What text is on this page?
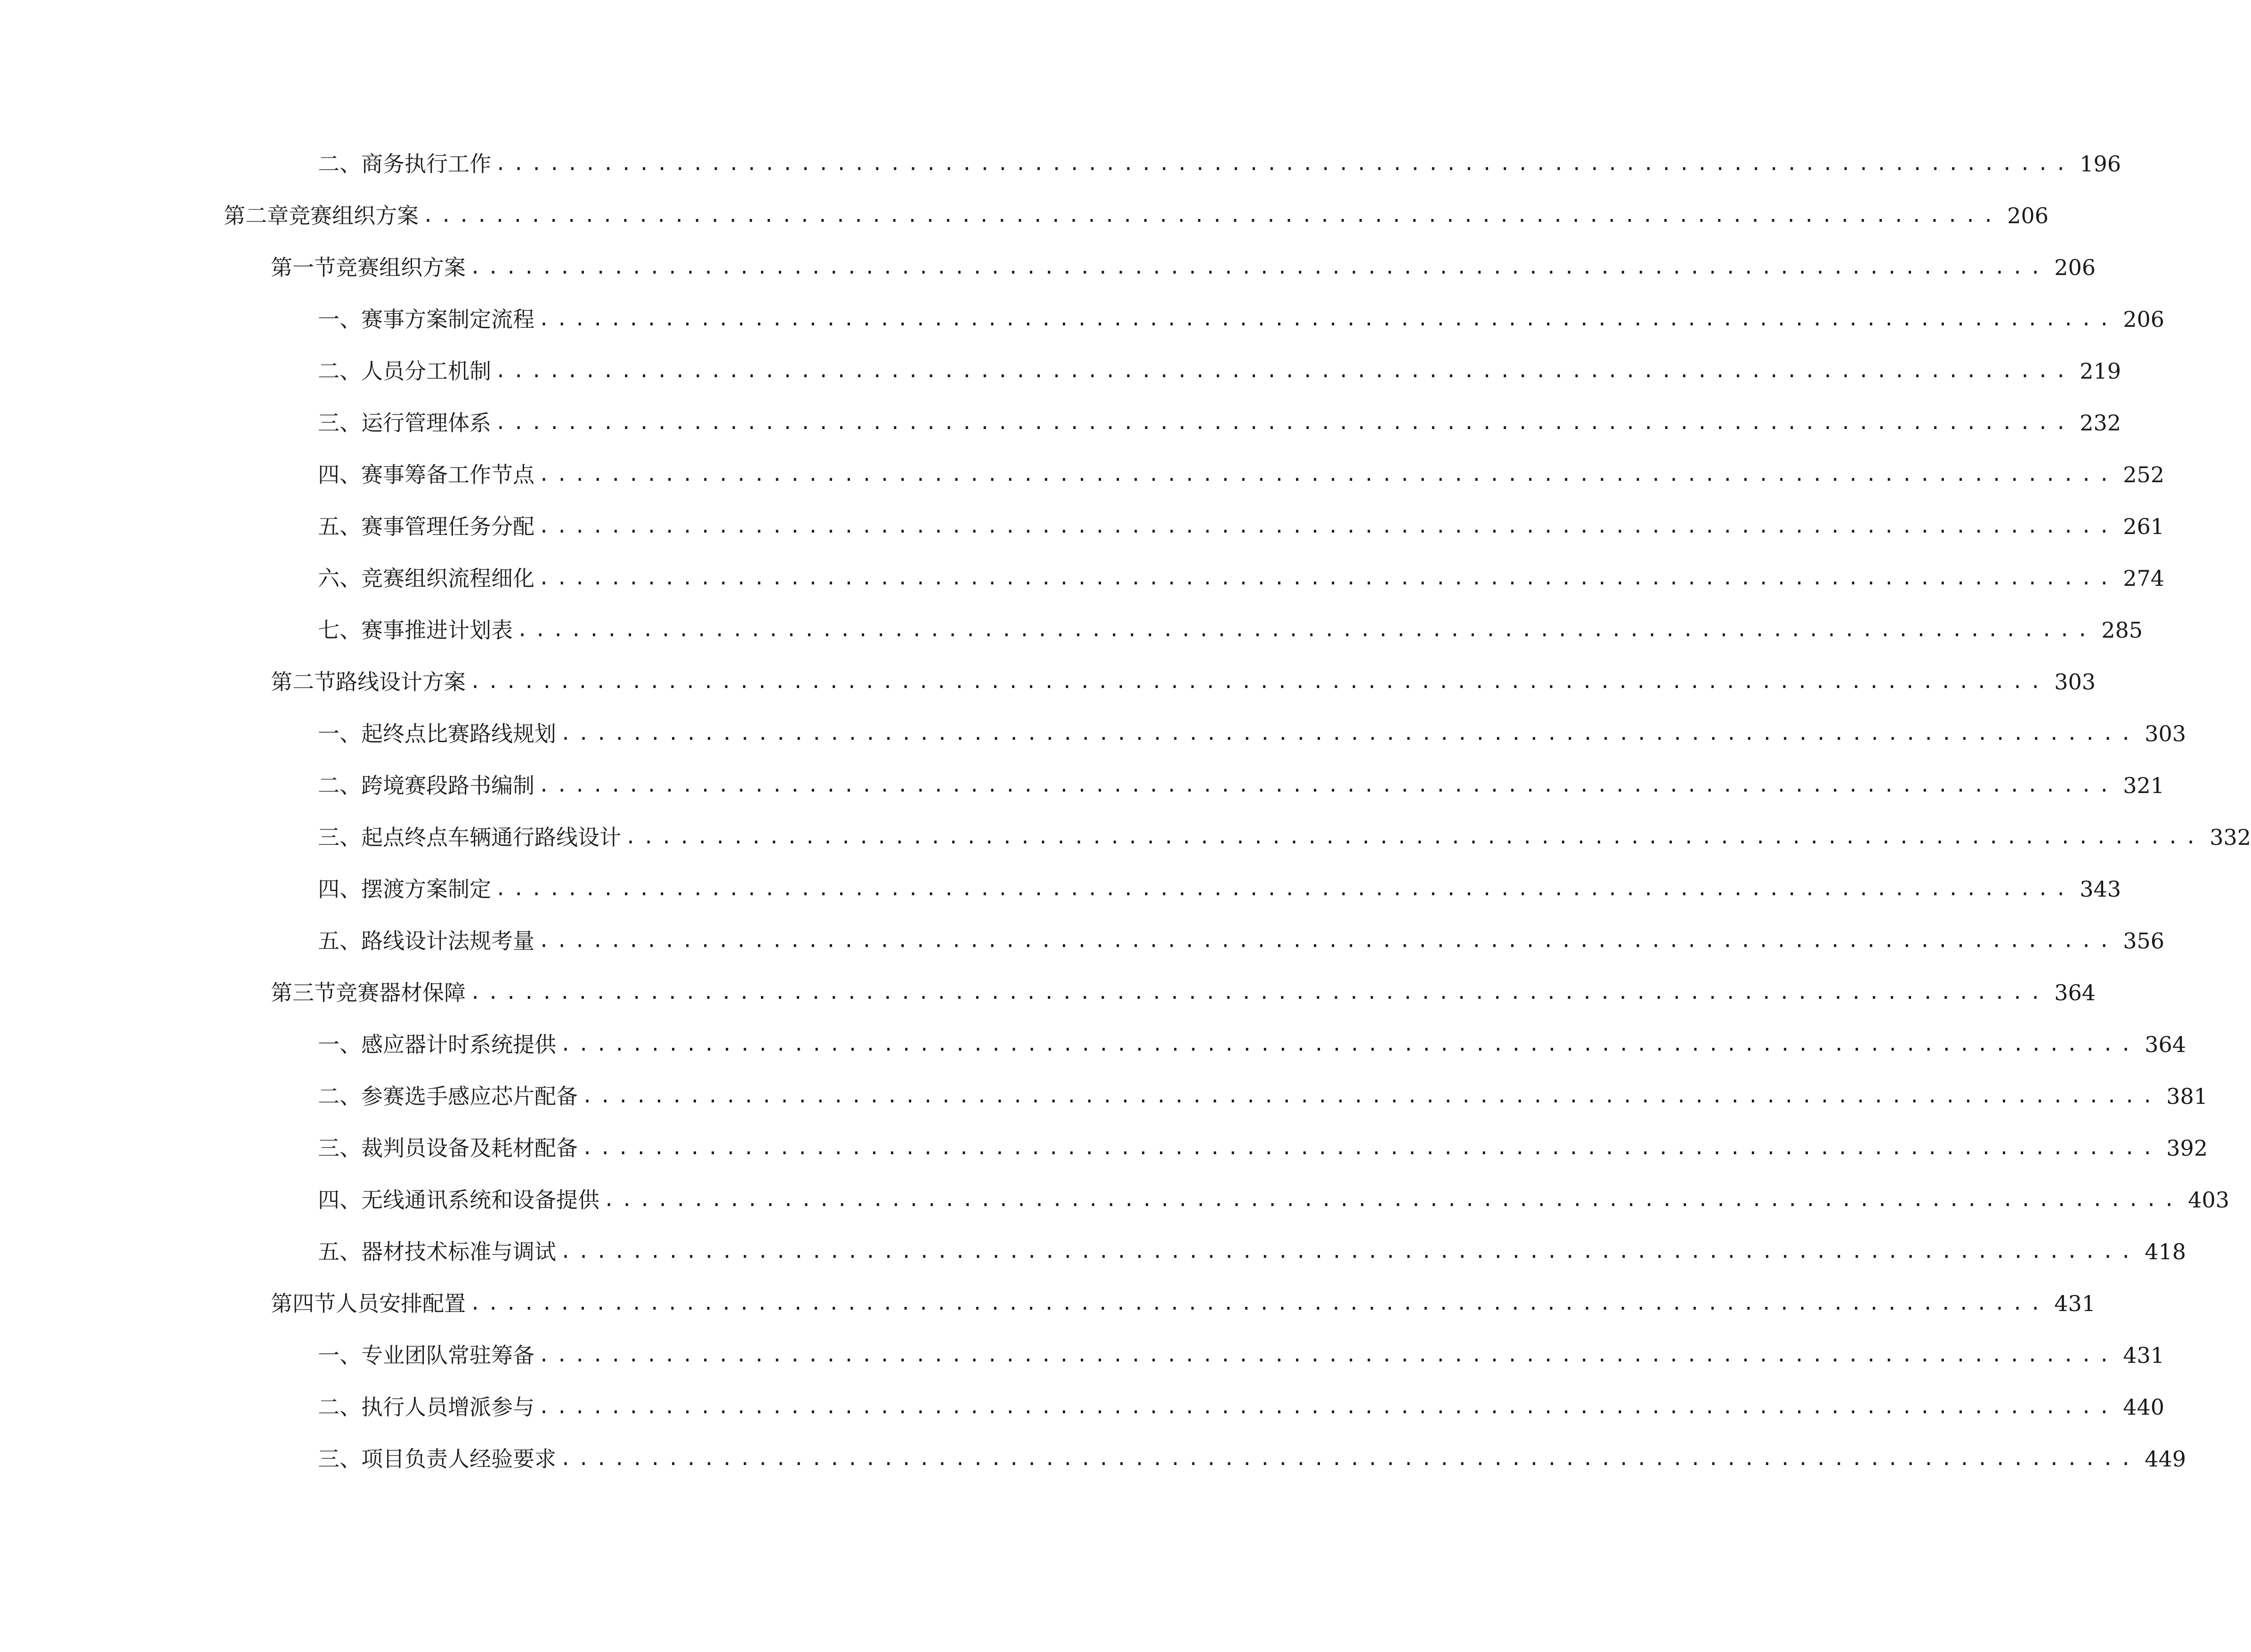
二、 商务执行工作 ........................................................................................ 196
第二章 竞赛组织方案 ........................................................................................ 206
第一节 竞赛组织方案 ........................................................................................ 206
一、 赛事方案制定流程 ........................................................................................ 206
二、 人员分工机制 ........................................................................................ 219
三、 运行管理体系 ........................................................................................ 232
四、 赛事筹备工作节点 ........................................................................................ 252
五、 赛事管理任务分配 ........................................................................................ 261
六、 竞赛组织流程细化 ........................................................................................ 274
七、 赛事推进计划表 ........................................................................................ 285
第二节 路线设计方案 ........................................................................................ 303
一、 起终点比赛路线规划 ........................................................................................ 303
二、 跨境赛段路书编制 ........................................................................................ 321
三、 起点终点车辆通行路线设计 ........................................................................................ 332
四、 摆渡方案制定 ........................................................................................ 343
五、 路线设计法规考量 ........................................................................................ 356
第三节 竞赛器材保障 ........................................................................................ 364
一、 感应器计时系统提供 ........................................................................................ 364
二、 参赛选手感应芯片配备 ........................................................................................ 381
三、 裁判员设备及耗材配备 ........................................................................................ 392
四、 无线通讯系统和设备提供 ........................................................................................ 403
五、 器材技术标准与调试 ........................................................................................ 418
第四节 人员安排配置 ........................................................................................ 431
一、 专业团队常驻筹备 ........................................................................................ 431
二、 执行人员增派参与 ........................................................................................ 440
三、 项目负责人经验要求 ........................................................................................ 449
